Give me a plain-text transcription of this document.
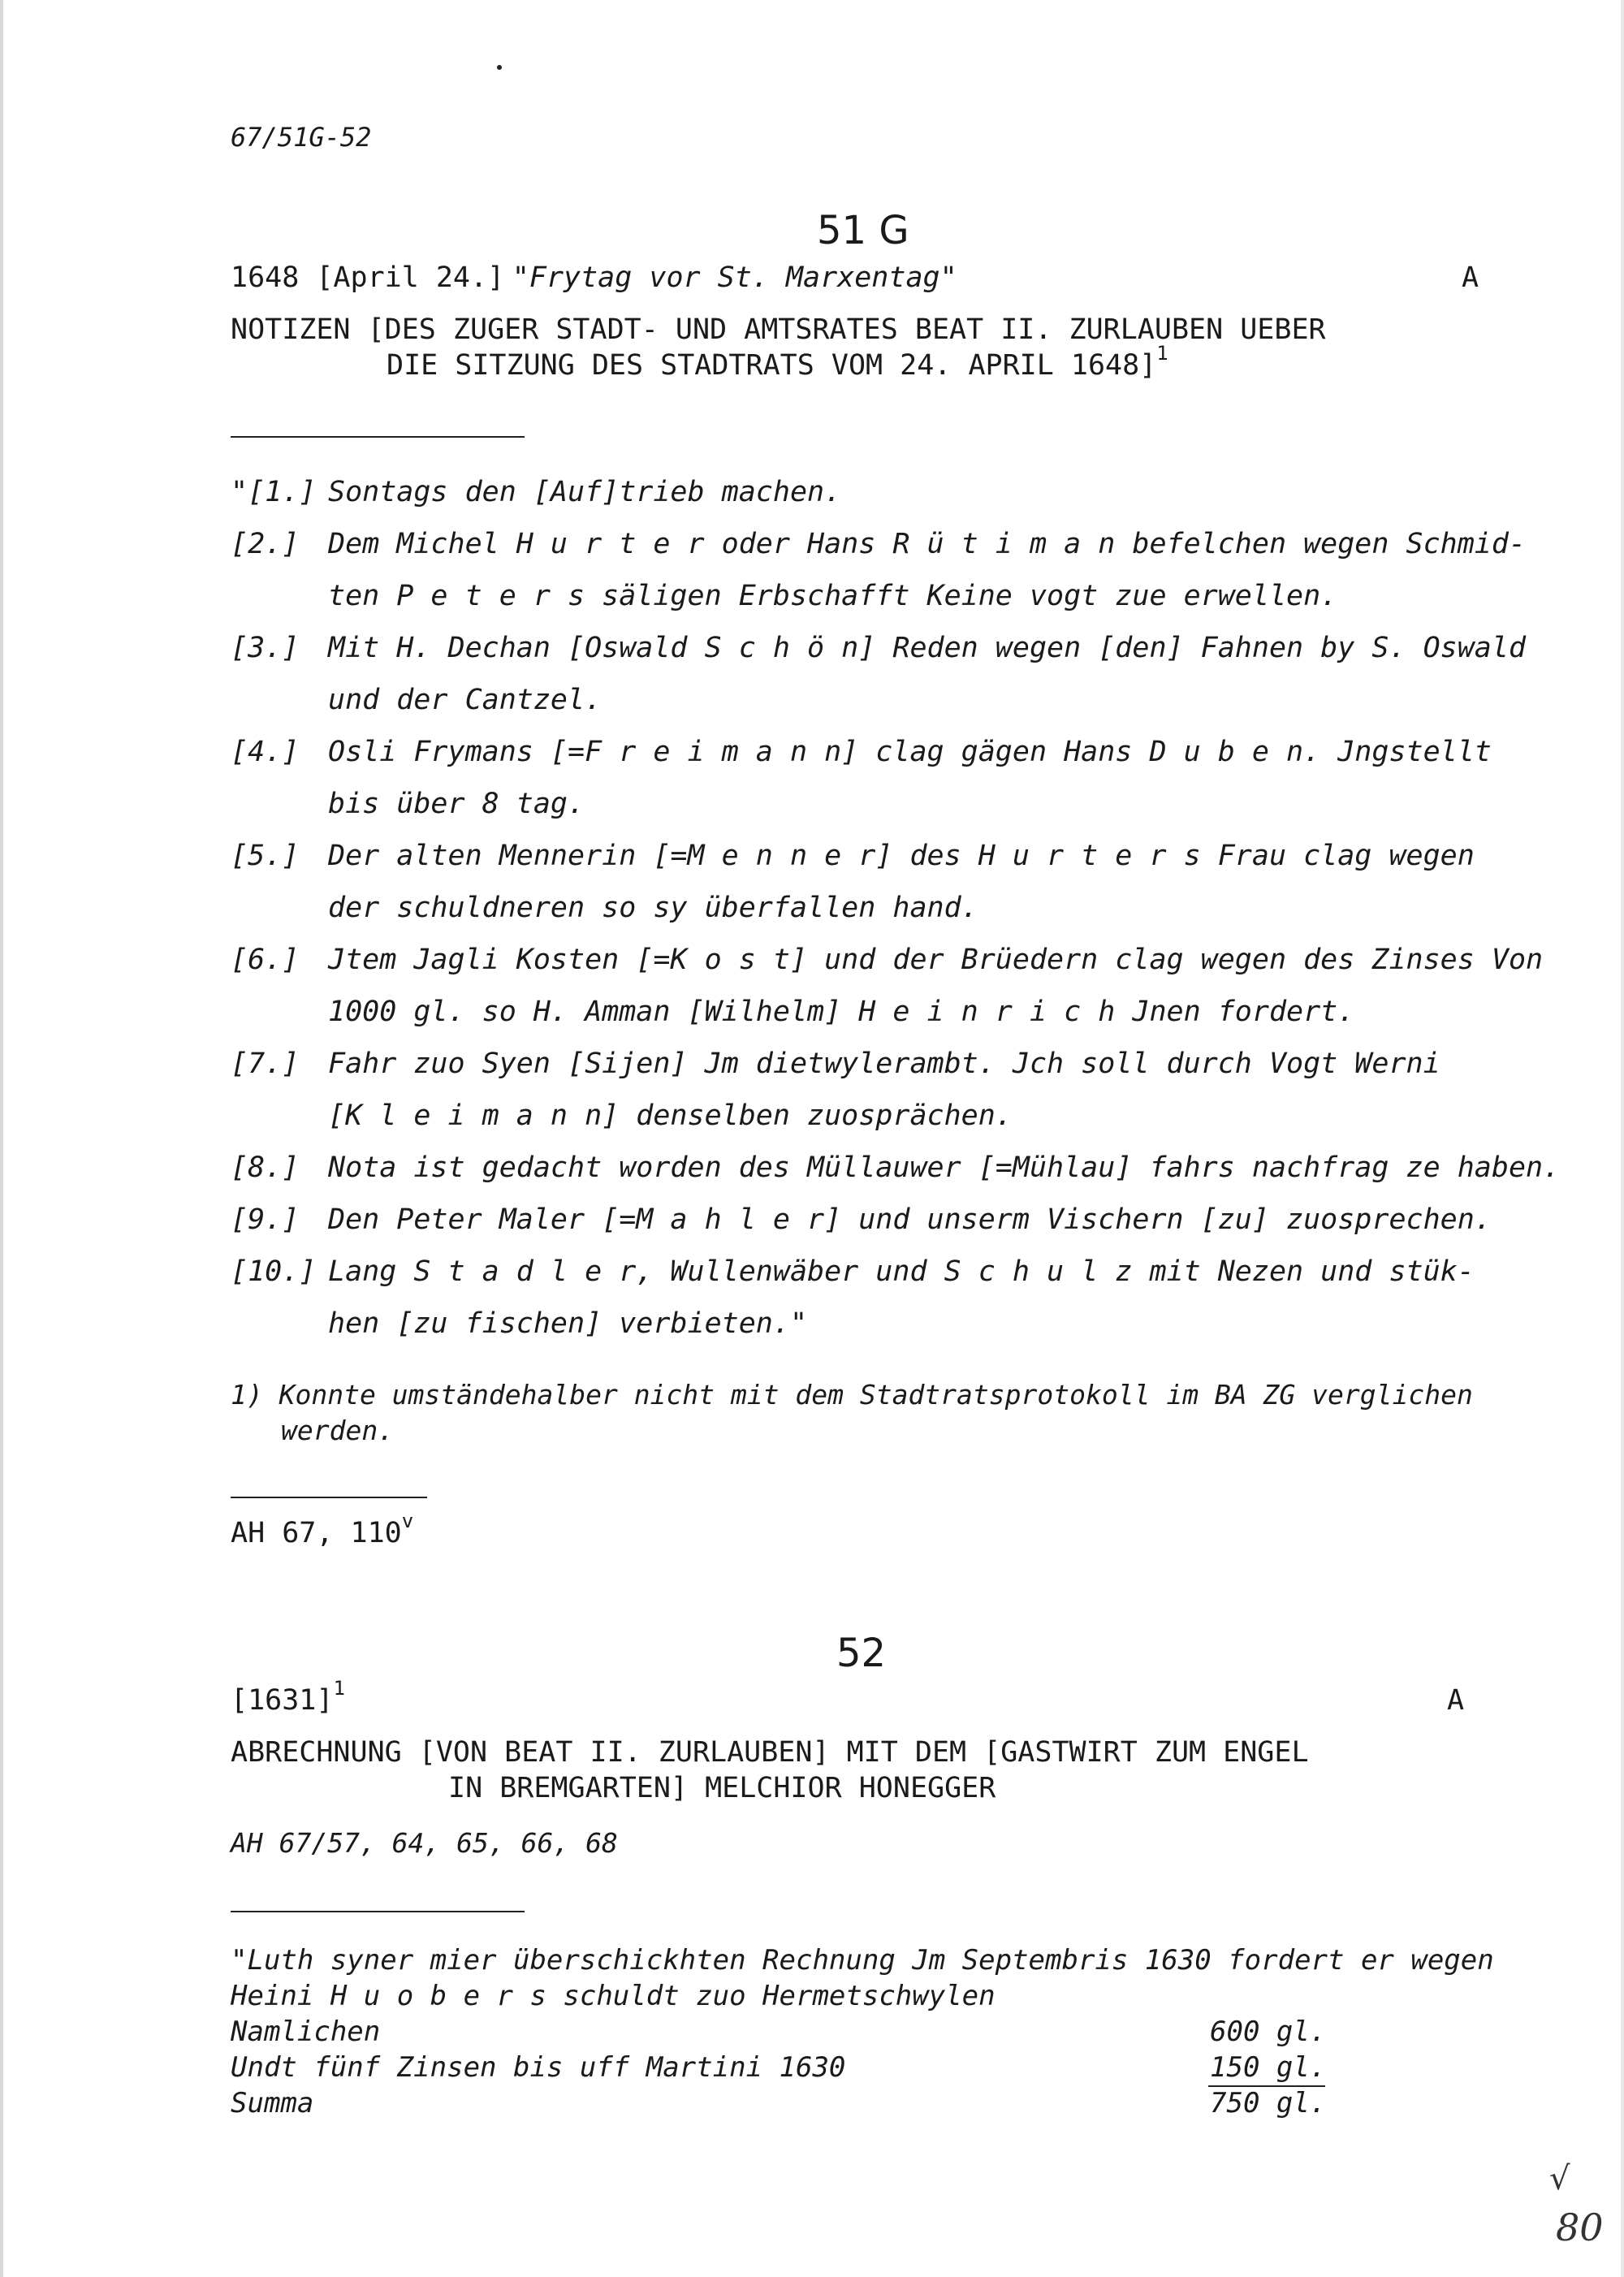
67/51G-52
51 G
1648 [April 24.] "Frytag vor St. Marxentag"	A
NOTIZEN [DES ZUGER STADT- UND AMTSRATES BEAT II. ZURLAUBEN UEBER
DIE SITZUNG DES STADTRATS VOM 24. APRIL 1648]$^1$
"[1.] Sontags den [Auf]trieb machen.
[2.] Dem Michel H u r t e r oder Hans R ü t i m a n befelchen wegen Schmid-
ten P e t e r s säligen Erbschafft Keine vogt zue erwellen.
[3.] Mit H. Dechan [Oswald S c h ö n] Reden wegen [den] Fahnen by S. Oswald
und der Cantzel.
[4.] Osli Frymans [=F r e i m a n n] clag gägen Hans D u b e n. Jngstellt
bis über 8 tag.
[5.] Der alten Mennerin [=M e n n e r] des H u r t e r s Frau clag wegen
der schuldneren so sy überfallen hand.
[6.] Jtem Jagli Kosten [=K o s t] und der Brüedern clag wegen des Zinses Von
1000 gl. so H. Amman [Wilhelm] H e i n r i c h Jnen fordert.
[7.] Fahr zuo Syen [Sijen] Jm dietwylerambt. Jch soll durch Vogt Werni
[K l e i m a n n] denselben zuosprächen.
[8.] Nota ist gedacht worden des Müllauwer [=Mühlau] fahrs nachfrag ze haben.
[9.] Den Peter Maler [=M a h l e r] und unserm Vischern [zu] zuosprechen.
[10.] Lang S t a d l e r, Wullenwäber und S c h u l z mit Nezen und stük-
hen [zu fischen] verbieten."
1) Konnte umständehalber nicht mit dem Stadtratsprotokoll im BA ZG verglichen
werden.
AH 67, 110$^v$
52
$[1631]^1$	A
ABRECHNUNG [VON BEAT II. ZURLAUBEN] MIT DEM [GASTWIRT ZUM ENGEL
IN BREMGARTEN] MELCHIOR HONEGGER
AH 67/57, 64, 65, 66, 68
"Luth syner mier überschickhten Rechnung Jm Septembris 1630 fordert er wegen
Heini H u o b e r s schuldt zuo Hermetschwylen
Namlichen	600 gl.
Undt fünf Zinsen bis uff Martini 1630	150 gl.
Summa	750 gl.
√
80
